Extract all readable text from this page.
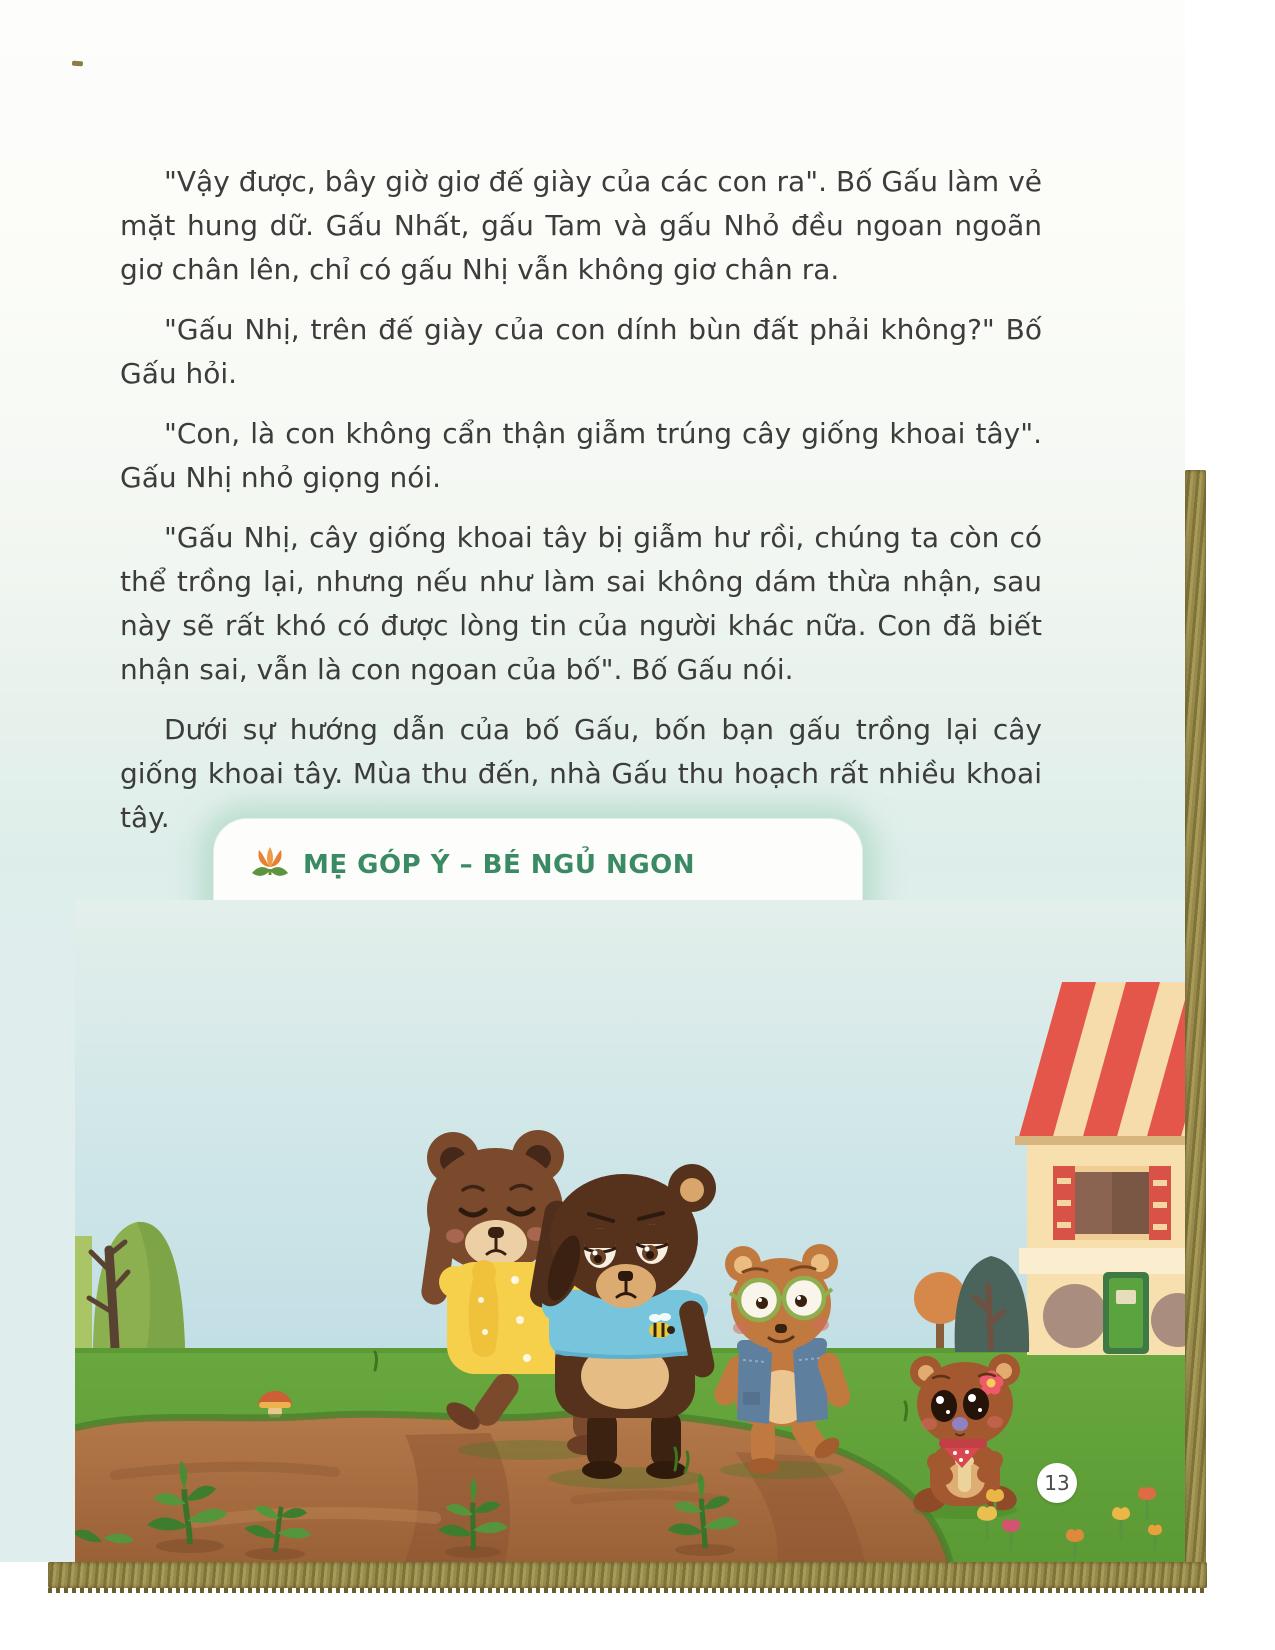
"Vậy được, bây giờ giơ đế giày của các con ra". Bố Gấu làm vẻ mặt hung dữ. Gấu Nhất, gấu Tam và gấu Nhỏ đều ngoan ngoãn giơ chân lên, chỉ có gấu Nhị vẫn không giơ chân ra.

"Gấu Nhị, trên đế giày của con dính bùn đất phải không?" Bố Gấu hỏi.

"Con, là con không cẩn thận giẫm trúng cây giống khoai tây". Gấu Nhị nhỏ giọng nói.

"Gấu Nhị, cây giống khoai tây bị giẫm hư rồi, chúng ta còn có thể trồng lại, nhưng nếu như làm sai không dám thừa nhận, sau này sẽ rất khó có được lòng tin của người khác nữa. Con đã biết nhận sai, vẫn là con ngoan của bố". Bố Gấu nói.

Dưới sự hướng dẫn của bố Gấu, bốn bạn gấu trồng lại cây giống khoai tây. Mùa thu đến, nhà Gấu thu hoạch rất nhiều khoai tây.

MẸ GÓP Ý – BÉ NGỦ NGON

13
